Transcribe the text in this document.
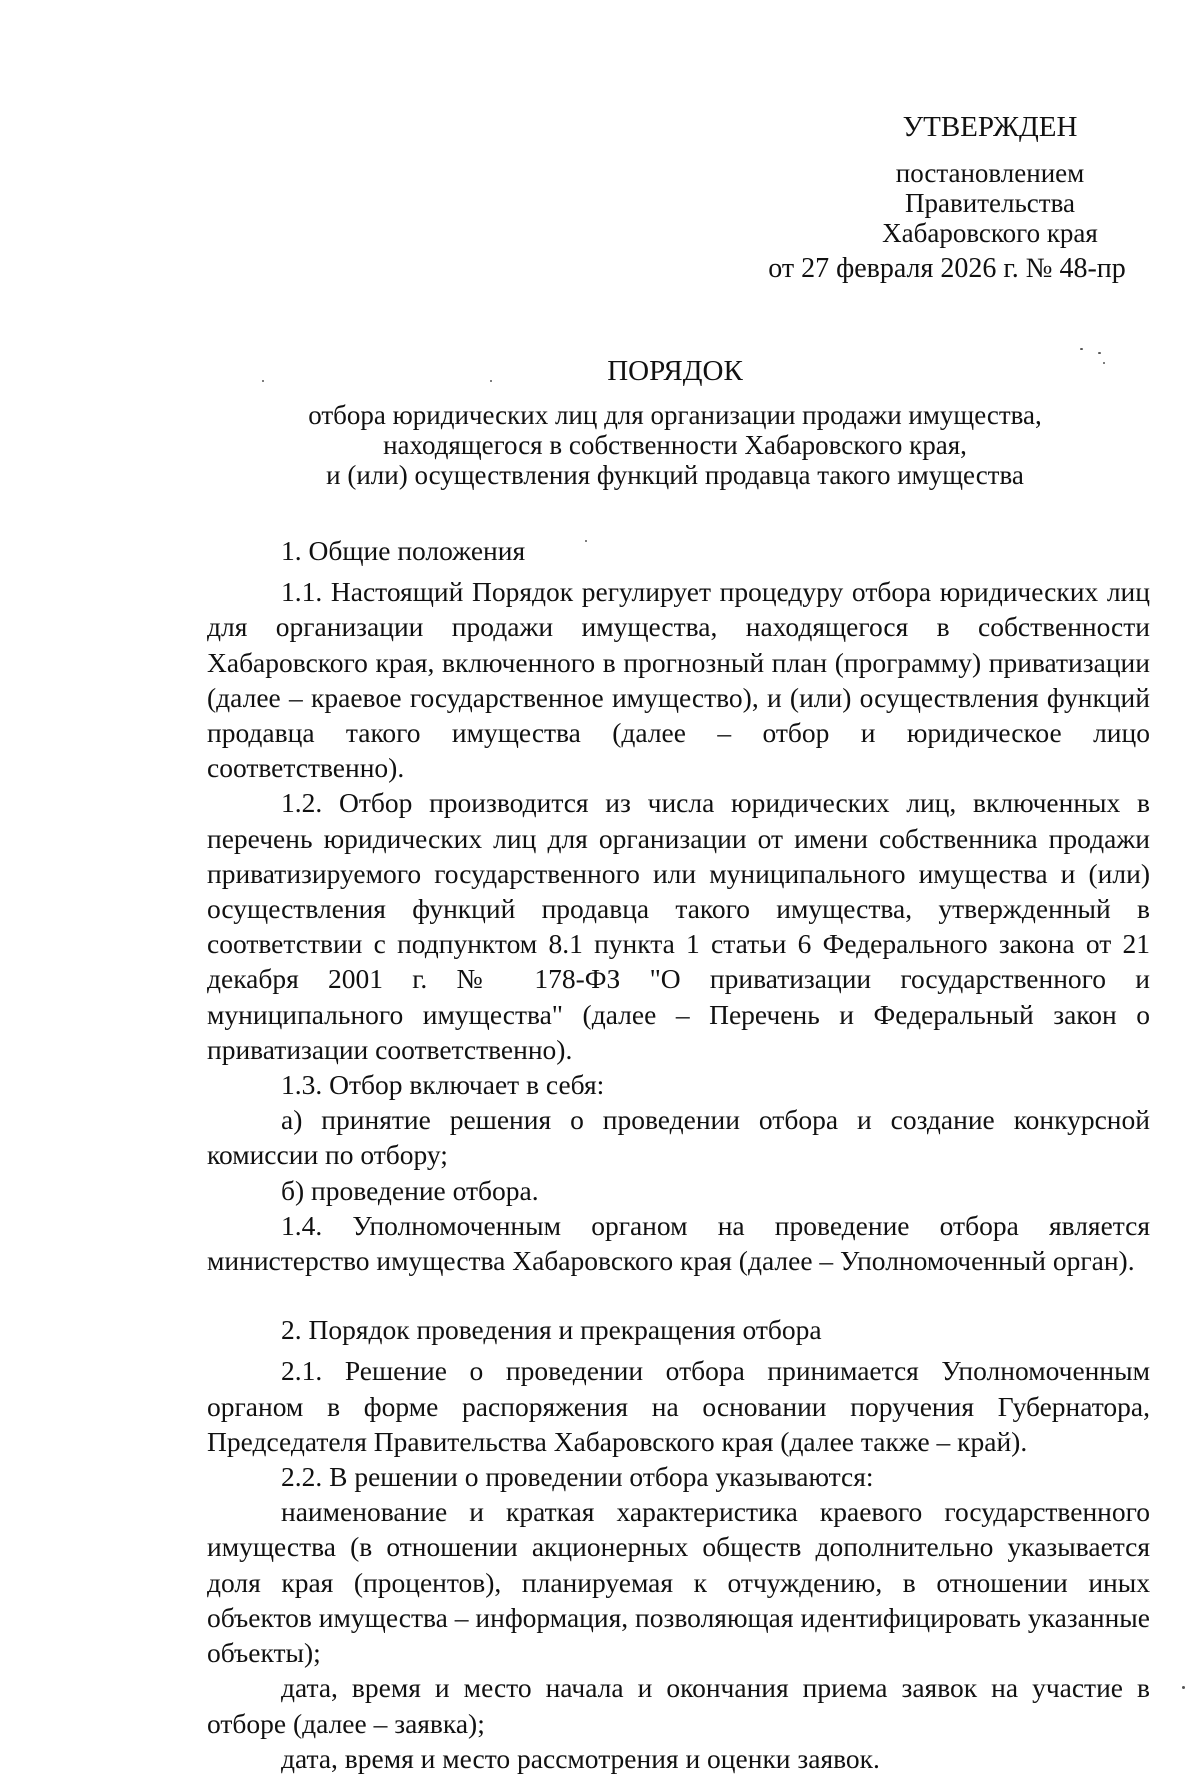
УТВЕРЖДЕН
постановлением
Правительства
Хабаровского края
от 27 февраля 2026 г. № 48-пр
ПОРЯДОК
отбора юридических лиц для организации продажи имущества,
находящегося в собственности Хабаровского края,
и (или) осуществления функций продавца такого имущества

1. Общие положения

1.1. Настоящий Порядок регулирует процедуру отбора юридических лиц для организации продажи имущества, находящегося в собственности Хабаровского края, включенного в прогнозный план (программу) приватизации (далее – краевое государственное имущество), и (или) осуществления функций продавца такого имущества (далее – отбор и юридическое лицо соответственно).

1.2. Отбор производится из числа юридических лиц, включенных в перечень юридических лиц для организации от имени собственника продажи приватизируемого государственного или муниципального имущества и (или) осуществления функций продавца такого имущества, утвержденный в соответствии с подпунктом 8.1 пункта 1 статьи 6 Федерального закона от 21 декабря 2001 г. № 178-ФЗ "О приватизации государственного и муниципального имущества" (далее – Перечень и Федеральный закон о приватизации соответственно).

1.3. Отбор включает в себя:

а) принятие решения о проведении отбора и создание конкурсной комиссии по отбору;

б) проведение отбора.

1.4. Уполномоченным органом на проведение отбора является министерство имущества Хабаровского края (далее – Уполномоченный орган).

2. Порядок проведения и прекращения отбора

2.1. Решение о проведении отбора принимается Уполномоченным органом в форме распоряжения на основании поручения Губернатора, Председателя Правительства Хабаровского края (далее также – край).

2.2. В решении о проведении отбора указываются:

наименование и краткая характеристика краевого государственного имущества (в отношении акционерных обществ дополнительно указывается доля края (процентов), планируемая к отчуждению, в отношении иных объектов имущества – информация, позволяющая идентифицировать указанные объекты);

дата, время и место начала и окончания приема заявок на участие в отборе (далее – заявка);

дата, время и место рассмотрения и оценки заявок.
